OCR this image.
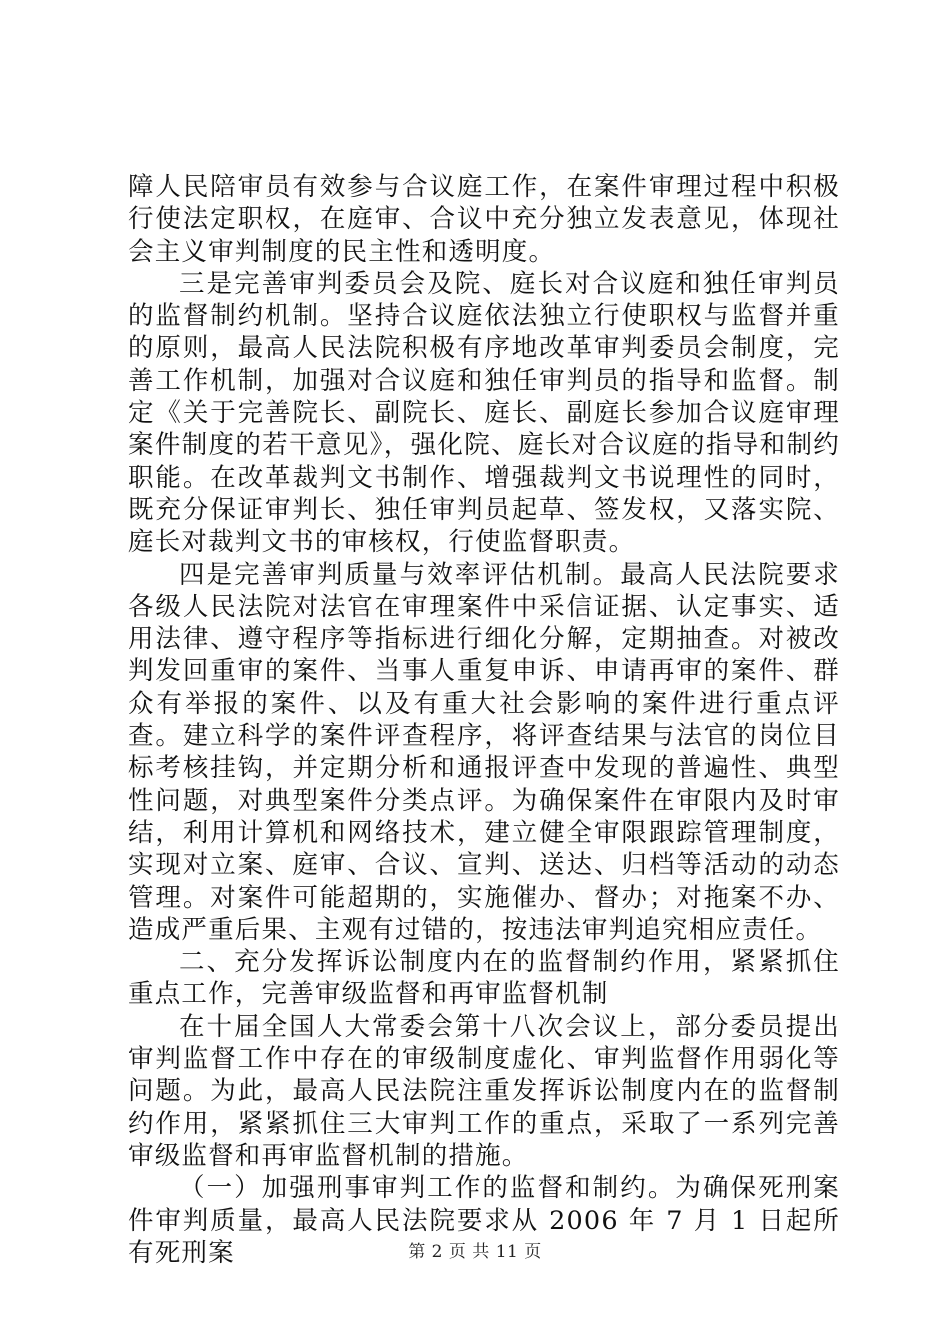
障人民陪审员有效参与合议庭工作，在案件审理过程中积极行使法定职权，在庭审、合议中充分独立发表意见，体现社会主义审判制度的民主性和透明度。

三是完善审判委员会及院、庭长对合议庭和独任审判员的监督制约机制。坚持合议庭依法独立行使职权与监督并重的原则，最高人民法院积极有序地改革审判委员会制度，完善工作机制，加强对合议庭和独任审判员的指导和监督。制定《关于完善院长、副院长、庭长、副庭长参加合议庭审理案件制度的若干意见》，强化院、庭长对合议庭的指导和制约职能。在改革裁判文书制作、增强裁判文书说理性的同时，既充分保证审判长、独任审判员起草、签发权，又落实院、庭长对裁判文书的审核权，行使监督职责。

四是完善审判质量与效率评估机制。最高人民法院要求各级人民法院对法官在审理案件中采信证据、认定事实、适用法律、遵守程序等指标进行细化分解，定期抽查。对被改判发回重审的案件、当事人重复申诉、申请再审的案件、群众有举报的案件、以及有重大社会影响的案件进行重点评查。建立科学的案件评查程序，将评查结果与法官的岗位目标考核挂钩，并定期分析和通报评查中发现的普遍性、典型性问题，对典型案件分类点评。为确保案件在审限内及时审结，利用计算机和网络技术，建立健全审限跟踪管理制度，实现对立案、庭审、合议、宣判、送达、归档等活动的动态管理。对案件可能超期的，实施催办、督办；对拖案不办、造成严重后果、主观有过错的，按违法审判追究相应责任。

二、充分发挥诉讼制度内在的监督制约作用，紧紧抓住重点工作，完善审级监督和再审监督机制

在十届全国人大常委会第十八次会议上，部分委员提出审判监督工作中存在的审级制度虚化、审判监督作用弱化等问题。为此，最高人民法院注重发挥诉讼制度内在的监督制约作用，紧紧抓住三大审判工作的重点，采取了一系列完善审级监督和再审监督机制的措施。

（一）加强刑事审判工作的监督和制约。为确保死刑案件审判质量，最高人民法院要求从 2006 年 7 月 1 日起所有死刑案	第 2 页 共 11 页
